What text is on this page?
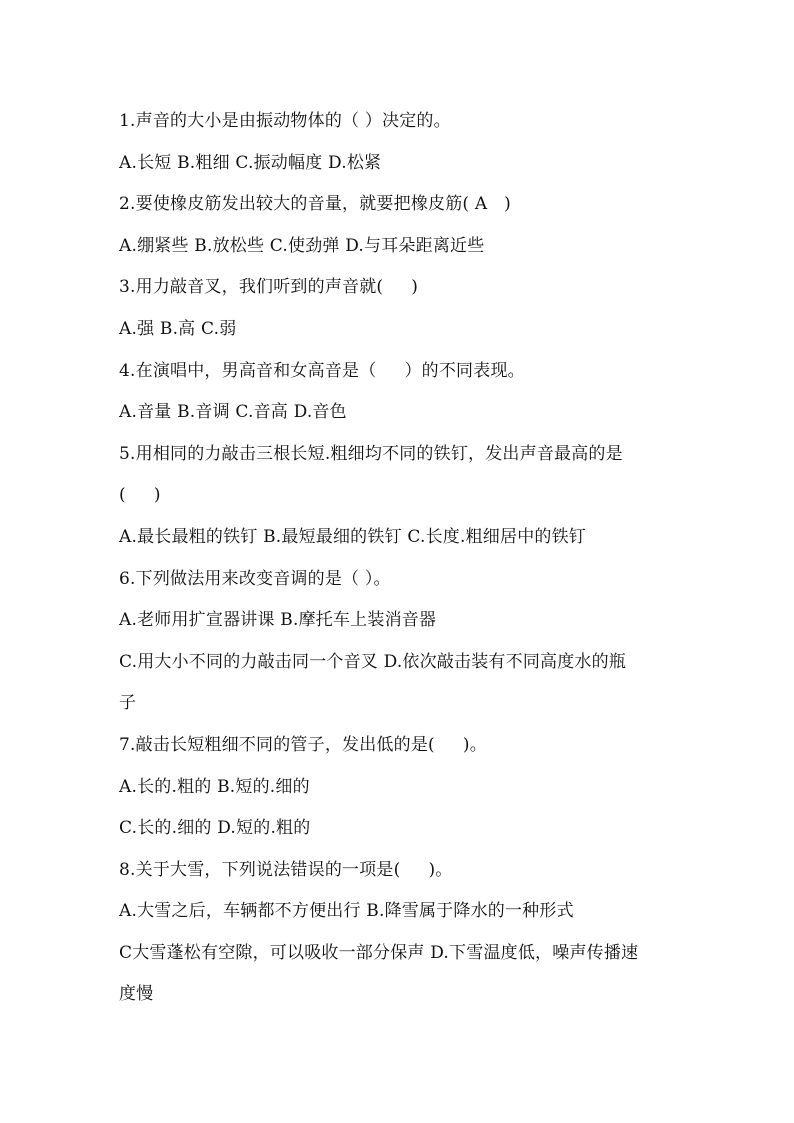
1.声音的大小是由振动物体的（ ）决定的。
A.长短 B.粗细 C.振动幅度 D.松紧
2.要使橡皮筋发出较大的音量，就要把橡皮筋( A   )
A.绷紧些 B.放松些 C.使劲弹 D.与耳朵距离近些
3.用力敲音叉，我们听到的声音就(     )
A.强 B.高 C.弱
4.在演唱中，男高音和女高音是（     ）的不同表现。
A.音量 B.音调 C.音高 D.音色
5.用相同的力敲击三根长短.粗细均不同的铁钉，发出声音最高的是
(     )
A.最长最粗的铁钉 B.最短最细的铁钉 C.长度.粗细居中的铁钉
6.下列做法用来改变音调的是（ ）。
A.老师用扩宣器讲课 B.摩托车上装消音器
C.用大小不同的力敲击同一个音叉 D.依次敲击装有不同高度水的瓶
子
7.敲击长短粗细不同的管子，发出低的是(     )。
A.长的.粗的 B.短的.细的
C.长的.细的 D.短的.粗的
8.关于大雪，下列说法错误的一项是(     )。
A.大雪之后，车辆都不方便出行 B.降雪属于降水的一种形式
C大雪蓬松有空隙，可以吸收一部分保声 D.下雪温度低，噪声传播速
度慢
